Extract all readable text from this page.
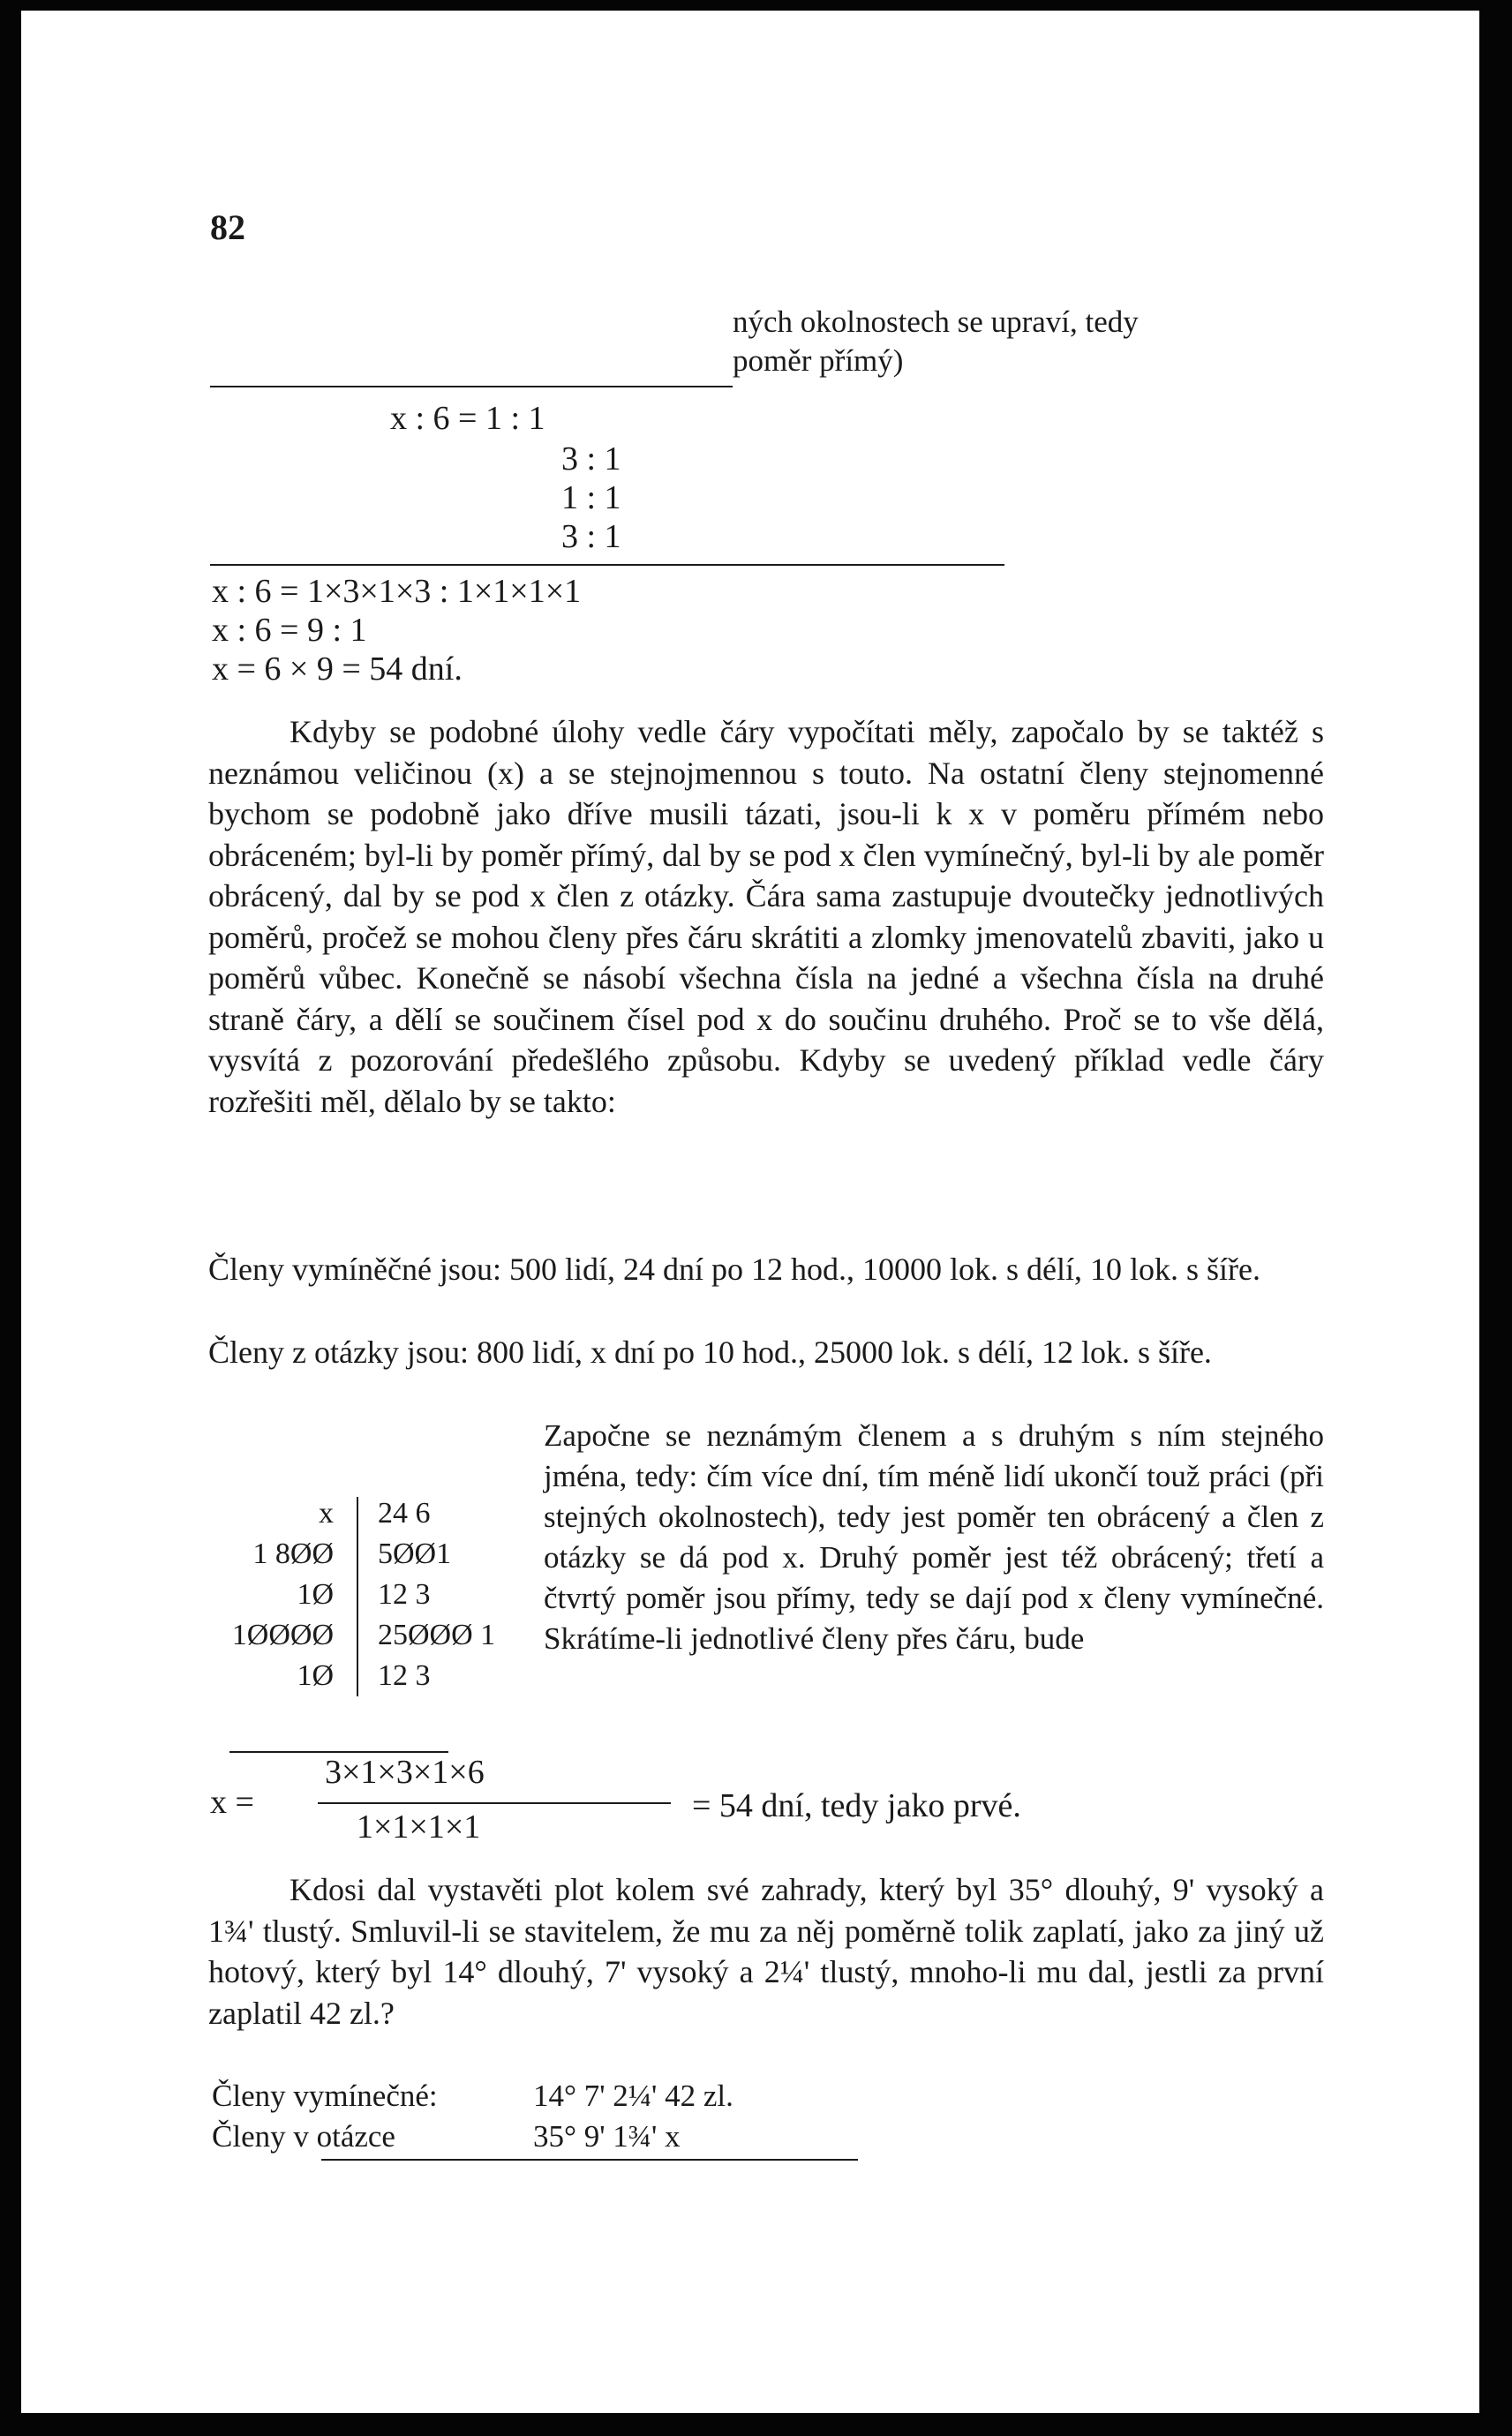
82
ných okolnostech se upraví, tedy
poměr přímý)
x : 6 = 1 : 1
3 : 1
1 : 1
3 : 1
x : 6 = 1×3×1×3 : 1×1×1×1
x : 6 = 9 : 1
x = 6 × 9 = 54 dní.
Kdyby se podobné úlohy vedle čáry vypočítati měly, započalo by se taktéž s neznámou veličinou (x) a se stejnojmennou s touto. Na ostatní členy stejnomenné bychom se podobně jako dříve musili tázati, jsou-li k x v poměru přímém nebo obráceném; byl-li by poměr přímý, dal by se pod x člen vymínečný, byl-li by ale poměr obrácený, dal by se pod x člen z otázky. Čára sama zastupuje dvoutečky jednotlivých poměrů, pročež se mohou členy přes čáru skrátiti a zlomky jmenovatelů zbaviti, jako u poměrů vůbec. Konečně se násobí všechna čísla na jedné a všechna čísla na druhé straně čáry, a dělí se součinem čísel pod x do součinu druhého. Proč se to vše dělá, vysvítá z pozorování předešlého způsobu. Kdyby se uvedený příklad vedle čáry rozřešiti měl, dělalo by se takto:
Členy vymíněčné jsou: 500 lidí, 24 dní po 12 hod., 10000 lok. s délí, 10 lok. s šíře.
Členy z otázky jsou: 800 lidí, x dní po 10 hod., 25000 lok. s délí, 12 lok. s šíře.
x
1 8ØØ
1Ø
1ØØØØ
1Ø
24 6
5ØØ1
12 3
25ØØØ 1
12 3
Započne se neznámým členem a s druhým s ním stejného jména, tedy: čím více dní, tím méně lidí ukončí touž práci (při stejných okolnostech), tedy jest poměr ten obrácený a člen z otázky se dá pod x. Druhý poměr jest též obrácený; třetí a čtvrtý poměr jsou přímy, tedy se dají pod x členy vymínečné. Skrátíme-li jednotlivé členy přes čáru, bude
x =
3×1×3×1×6
1×1×1×1
= 54 dní, tedy jako prvé.
Kdosi dal vystavěti plot kolem své zahrady, který byl 35° dlouhý, 9' vysoký a 1¾' tlustý. Smluvil-li se stavitelem, že mu za něj poměrně tolik zaplatí, jako za jiný už hotový, který byl 14° dlouhý, 7' vysoký a 2¼' tlustý, mnoho-li mu dal, jestli za první zaplatil 42 zl.?
Členy vymínečné:	14° 7' 2¼' 42 zl.
Členy v otázce	35° 9' 1¾' x
